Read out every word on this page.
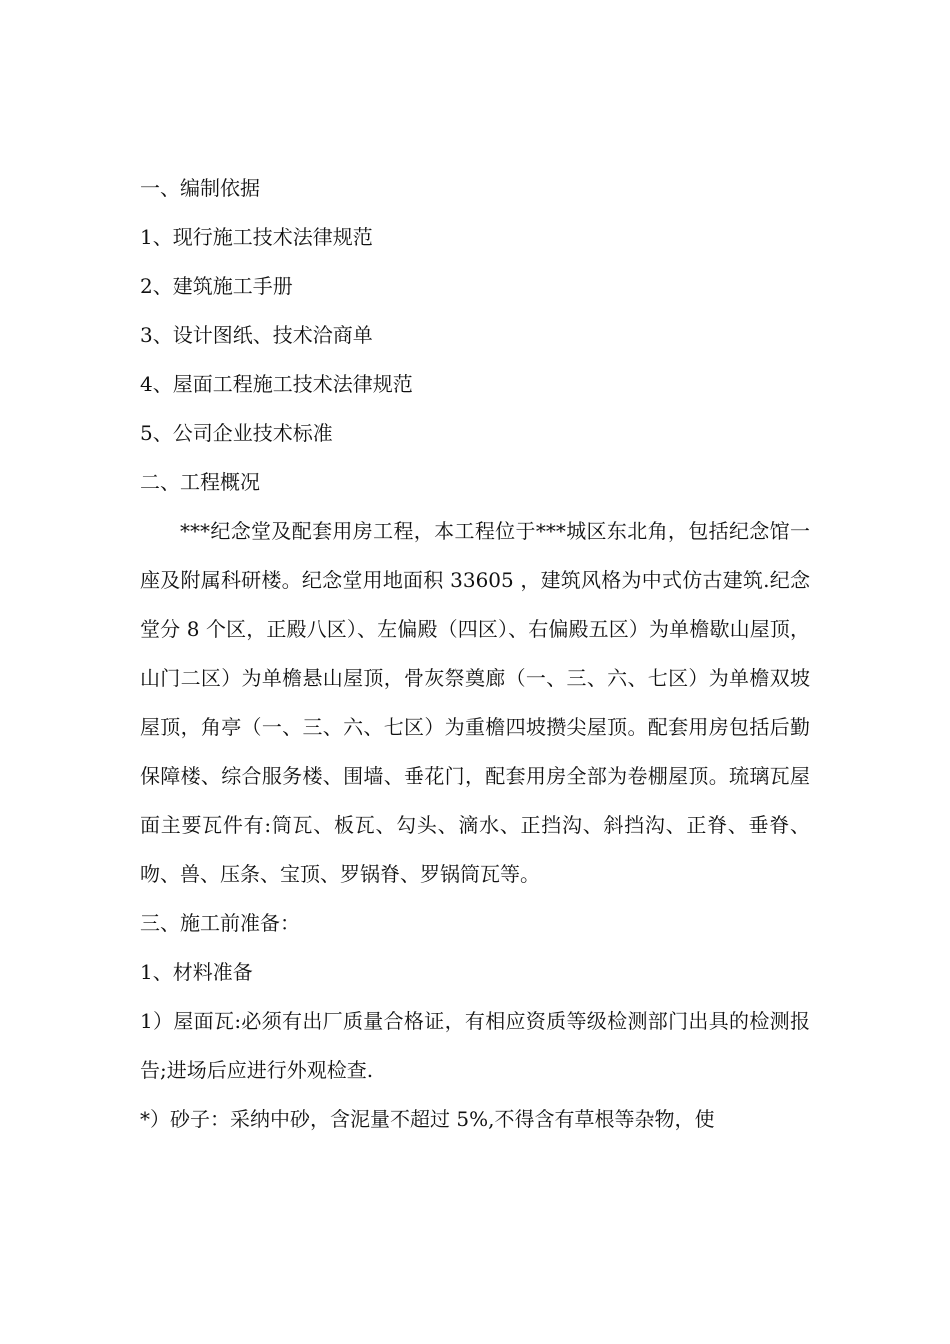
一、编制依据

1、现行施工技术法律规范

2、建筑施工手册

3、设计图纸、技术洽商单

4、屋面工程施工技术法律规范

5、公司企业技术标准

二、工程概况

***纪念堂及配套用房工程，本工程位于***城区东北角，包括纪念馆一座及附属科研楼。纪念堂用地面积 33605 ，建筑风格为中式仿古建筑.纪念堂分 8 个区，正殿八区）、左偏殿（四区）、右偏殿五区）为单檐歇山屋顶，山门二区）为单檐悬山屋顶，骨灰祭奠廊（一、三、六、七区）为单檐双坡屋顶，角亭（一、三、六、七区）为重檐四坡攒尖屋顶。配套用房包括后勤保障楼、综合服务楼、围墙、垂花门，配套用房全部为卷棚屋顶。琉璃瓦屋面主要瓦件有:筒瓦、板瓦、勾头、滴水、正挡沟、斜挡沟、正脊、垂脊、吻、兽、压条、宝顶、罗锅脊、罗锅筒瓦等。

三、施工前准备：

1、材料准备

1）屋面瓦:必须有出厂质量合格证，有相应资质等级检测部门出具的检测报告;进场后应进行外观检查.

*）砂子：采纳中砂，含泥量不超过 5%,不得含有草根等杂物，使
